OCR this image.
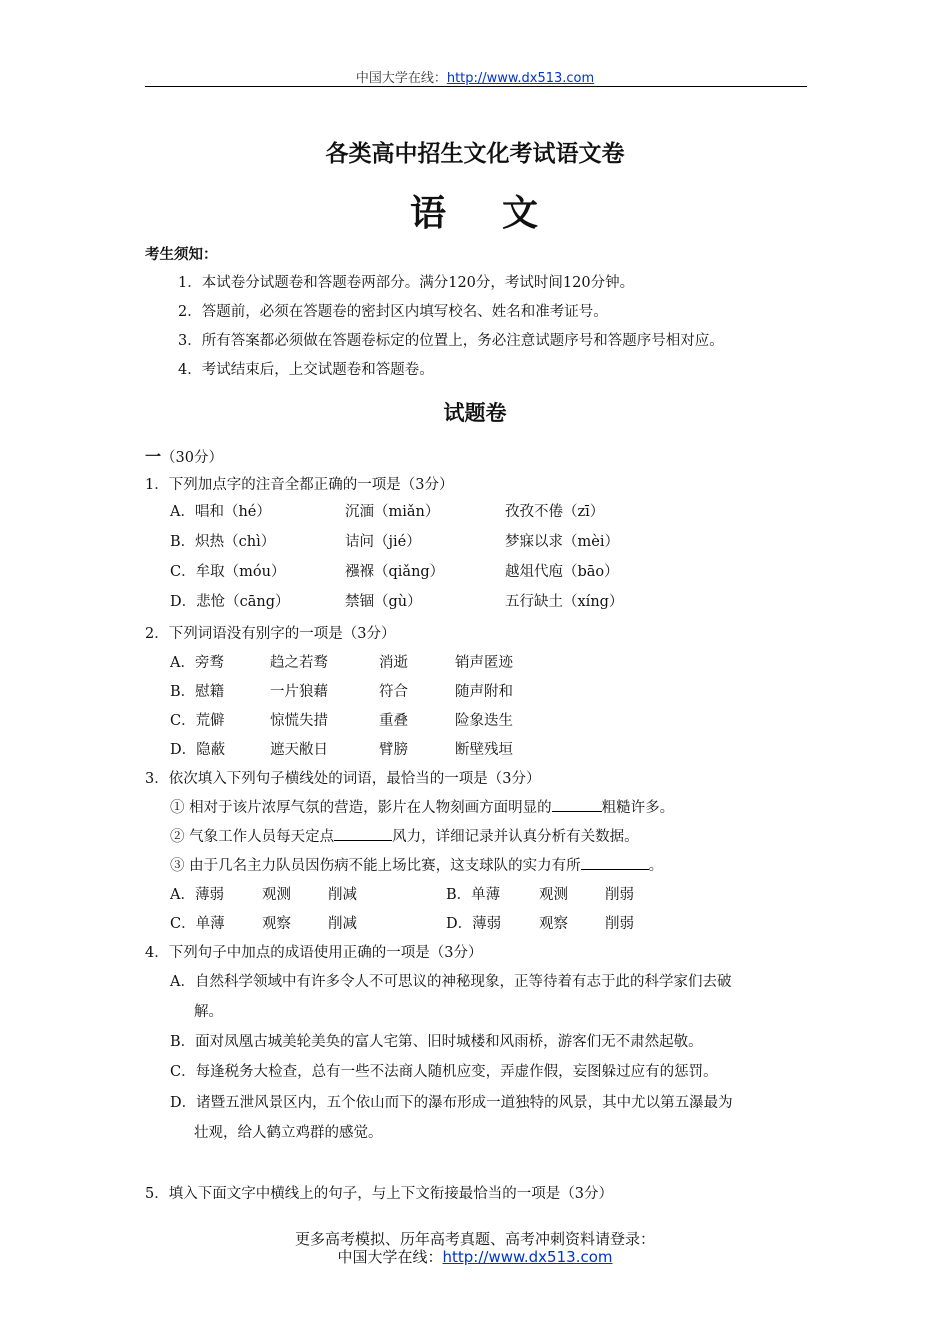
中国大学在线：http://www.dx513.com
各类高中招生文化考试语文卷
语 文
考生须知：
1．本试卷分试题卷和答题卷两部分。满分120分，考试时间120分钟。
2．答题前，必须在答题卷的密封区内填写校名、姓名和准考证号。
3．所有答案都必须做在答题卷标定的位置上，务必注意试题序号和答题序号相对应。
4．考试结束后，上交试题卷和答题卷。
试题卷
一（30分）
1．下列加点字的注音全都正确的一项是（3分）
A．唱和（hé）	沉湎（miǎn）	孜孜不倦（zī）
B．炽热（chì）	诘问（jié）	梦寐以求（mèi）
C．牟取（móu）	襁褓（qiǎng）	越俎代庖（bāo）
D．悲怆（cāng）	禁锢（gù）	五行缺土（xíng）
2．下列词语没有别字的一项是（3分）
A．旁骛	趋之若骛	消逝	销声匿迹
B．慰籍	一片狼藉	符合	随声附和
C．荒僻	惊慌失措	重叠	险象迭生
D．隐蔽	遮天敝日	臂膀	断壁残垣
3．依次填入下列句子横线处的词语，最恰当的一项是（3分）
① 相对于该片浓厚气氛的营造，影片在人物刻画方面明显的	粗糙许多。
② 气象工作人员每天定点	风力，详细记录并认真分析有关数据。
③ 由于几名主力队员因伤病不能上场比赛，这支球队的实力有所	。
A．薄弱	观测	削减	B．单薄	观测	削弱
C．单薄	观察	削减	D．薄弱	观察	削弱
4．下列句子中加点的成语使用正确的一项是（3分）
A．自然科学领域中有许多令人不可思议的神秘现象，正等待着有志于此的科学家们去破
解。
B．面对凤凰古城美轮美奂的富人宅第、旧时城楼和风雨桥，游客们无不肃然起敬。
C．每逢税务大检查，总有一些不法商人随机应变，弄虚作假，妄图躲过应有的惩罚。
D．诸暨五泄风景区内，五个依山而下的瀑布形成一道独特的风景，其中尤以第五瀑最为
壮观，给人鹤立鸡群的感觉。
5．填入下面文字中横线上的句子，与上下文衔接最恰当的一项是（3分）
更多高考模拟、历年高考真题、高考冲刺资料请登录：
中国大学在线：http://www.dx513.com
